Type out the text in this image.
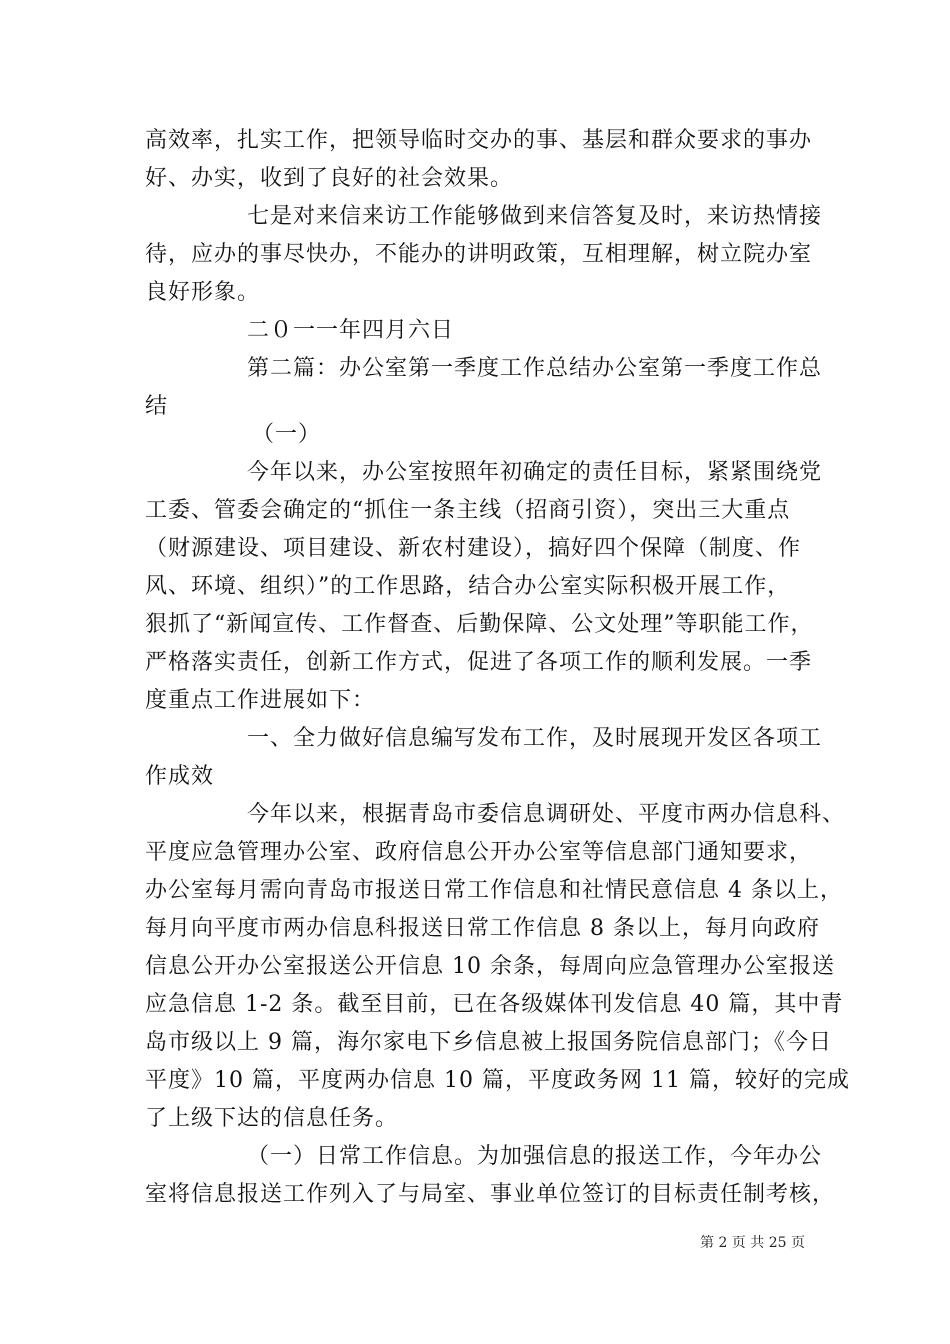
高效率，扎实工作，把领导临时交办的事、基层和群众要求的事办
好、办实，收到了良好的社会效果。
七是对来信来访工作能够做到来信答复及时，来访热情接
待，应办的事尽快办，不能办的讲明政策，互相理解，树立院办室
良好形象。
二０一一年四月六日
第二篇：办公室第一季度工作总结办公室第一季度工作总
结
（一）
今年以来，办公室按照年初确定的责任目标，紧紧围绕党
工委、管委会确定的“抓住一条主线（招商引资），突出三大重点
（财源建设、项目建设、新农村建设），搞好四个保障（制度、作
风、环境、组织）”的工作思路，结合办公室实际积极开展工作，
狠抓了“新闻宣传、工作督查、后勤保障、公文处理”等职能工作，
严格落实责任，创新工作方式，促进了各项工作的顺利发展。一季
度重点工作进展如下：
一、全力做好信息编写发布工作，及时展现开发区各项工
作成效
今年以来，根据青岛市委信息调研处、平度市两办信息科、
平度应急管理办公室、政府信息公开办公室等信息部门通知要求，
办公室每月需向青岛市报送日常工作信息和社情民意信息 4 条以上，
每月向平度市两办信息科报送日常工作信息 8 条以上，每月向政府
信息公开办公室报送公开信息 10 余条，每周向应急管理办公室报送
应急信息 1-2 条。截至目前，已在各级媒体刊发信息 40 篇，其中青
岛市级以上 9 篇，海尔家电下乡信息被上报国务院信息部门；《今日
平度》10 篇，平度两办信息 10 篇，平度政务网 11 篇，较好的完成
了上级下达的信息任务。
（一）日常工作信息。为加强信息的报送工作，今年办公
室将信息报送工作列入了与局室、事业单位签订的目标责任制考核，
第 2 页 共 25 页
